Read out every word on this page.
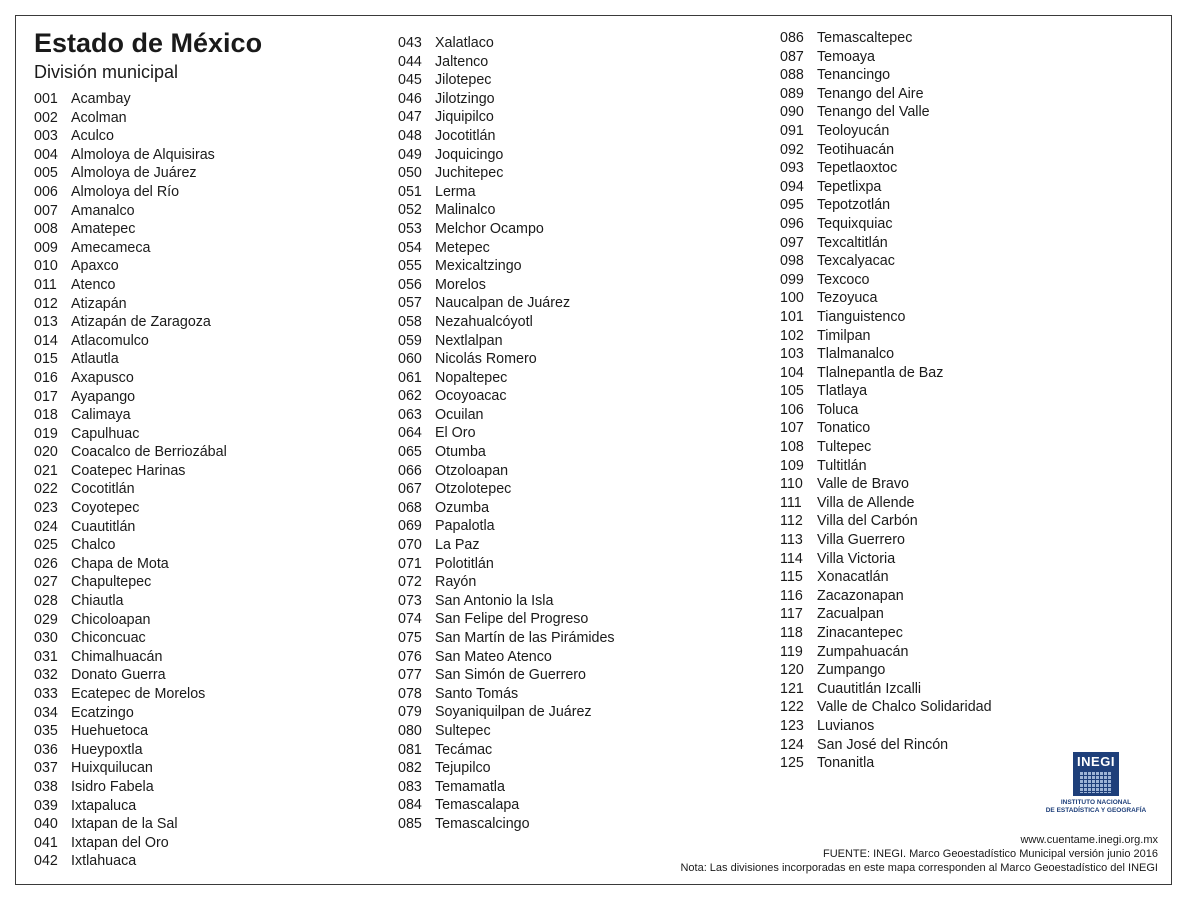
Estado de México
División municipal
001 Acambay
002 Acolman
003 Aculco
004 Almoloya de Alquisiras
005 Almoloya de Juárez
006 Almoloya del Río
007 Amanalco
008 Amatepec
009 Amecameca
010 Apaxco
011 Atenco
012 Atizapán
013 Atizapán de Zaragoza
014 Atlacomulco
015 Atlautla
016 Axapusco
017 Ayapango
018 Calimaya
019 Capulhuac
020 Coacalco de Berriozábal
021 Coatepec Harinas
022 Cocotitlán
023 Coyotepec
024 Cuautitlán
025 Chalco
026 Chapa de Mota
027 Chapultepec
028 Chiautla
029 Chicoloapan
030 Chiconcuac
031 Chimalhuacán
032 Donato Guerra
033 Ecatepec de Morelos
034 Ecatzingo
035 Huehuetoca
036 Hueypoxtla
037 Huixquilucan
038 Isidro Fabela
039 Ixtapaluca
040 Ixtapan de la Sal
041 Ixtapan del Oro
042 Ixtlahuaca
043 Xalatlaco
044 Jaltenco
045 Jilotepec
046 Jilotzingo
047 Jiquipilco
048 Jocotitlán
049 Joquicingo
050 Juchitepec
051 Lerma
052 Malinalco
053 Melchor Ocampo
054 Metepec
055 Mexicaltzingo
056 Morelos
057 Naucalpan de Juárez
058 Nezahualcóyotl
059 Nextlalpan
060 Nicolás Romero
061 Nopaltepec
062 Ocoyoacac
063 Ocuilan
064 El Oro
065 Otumba
066 Otzoloapan
067 Otzolotepec
068 Ozumba
069 Papalotla
070 La Paz
071 Polotitlán
072 Rayón
073 San Antonio la Isla
074 San Felipe del Progreso
075 San Martín de las Pirámides
076 San Mateo Atenco
077 San Simón de Guerrero
078 Santo Tomás
079 Soyaniquilpan de Juárez
080 Sultepec
081 Tecámac
082 Tejupilco
083 Temamatla
084 Temascalapa
085 Temascalcingo
086 Temascaltepec
087 Temoaya
088 Tenancingo
089 Tenango del Aire
090 Tenango del Valle
091 Teoloyucán
092 Teotihuacán
093 Tepetlaoxtoc
094 Tepetlixpa
095 Tepotzotlán
096 Tequixquiac
097 Texcaltitlán
098 Texcalyacac
099 Texcoco
100 Tezoyuca
101 Tianguistenco
102 Timilpan
103 Tlalmanalco
104 Tlalnepantla de Baz
105 Tlatlaya
106 Toluca
107 Tonatico
108 Tultepec
109 Tultitlán
110 Valle de Bravo
111 Villa de Allende
112 Villa del Carbón
113 Villa Guerrero
114 Villa Victoria
115 Xonacatlán
116 Zacazonapan
117 Zacualpan
118 Zinacantepec
119 Zumpahuacán
120 Zumpango
121 Cuautitlán Izcalli
122 Valle de Chalco Solidaridad
123 Luvianos
124 San José del Rincón
125 Tonanitla	INEGI
INSTITUTO NACIONAL
DE ESTADÍSTICA Y GEOGRAFÍA
www.cuentame.inegi.org.mx
FUENTE: INEGI. Marco Geoestadístico Municipal versión junio 2016
Nota: Las divisiones incorporadas en este mapa corresponden al Marco Geoestadístico del INEGI
